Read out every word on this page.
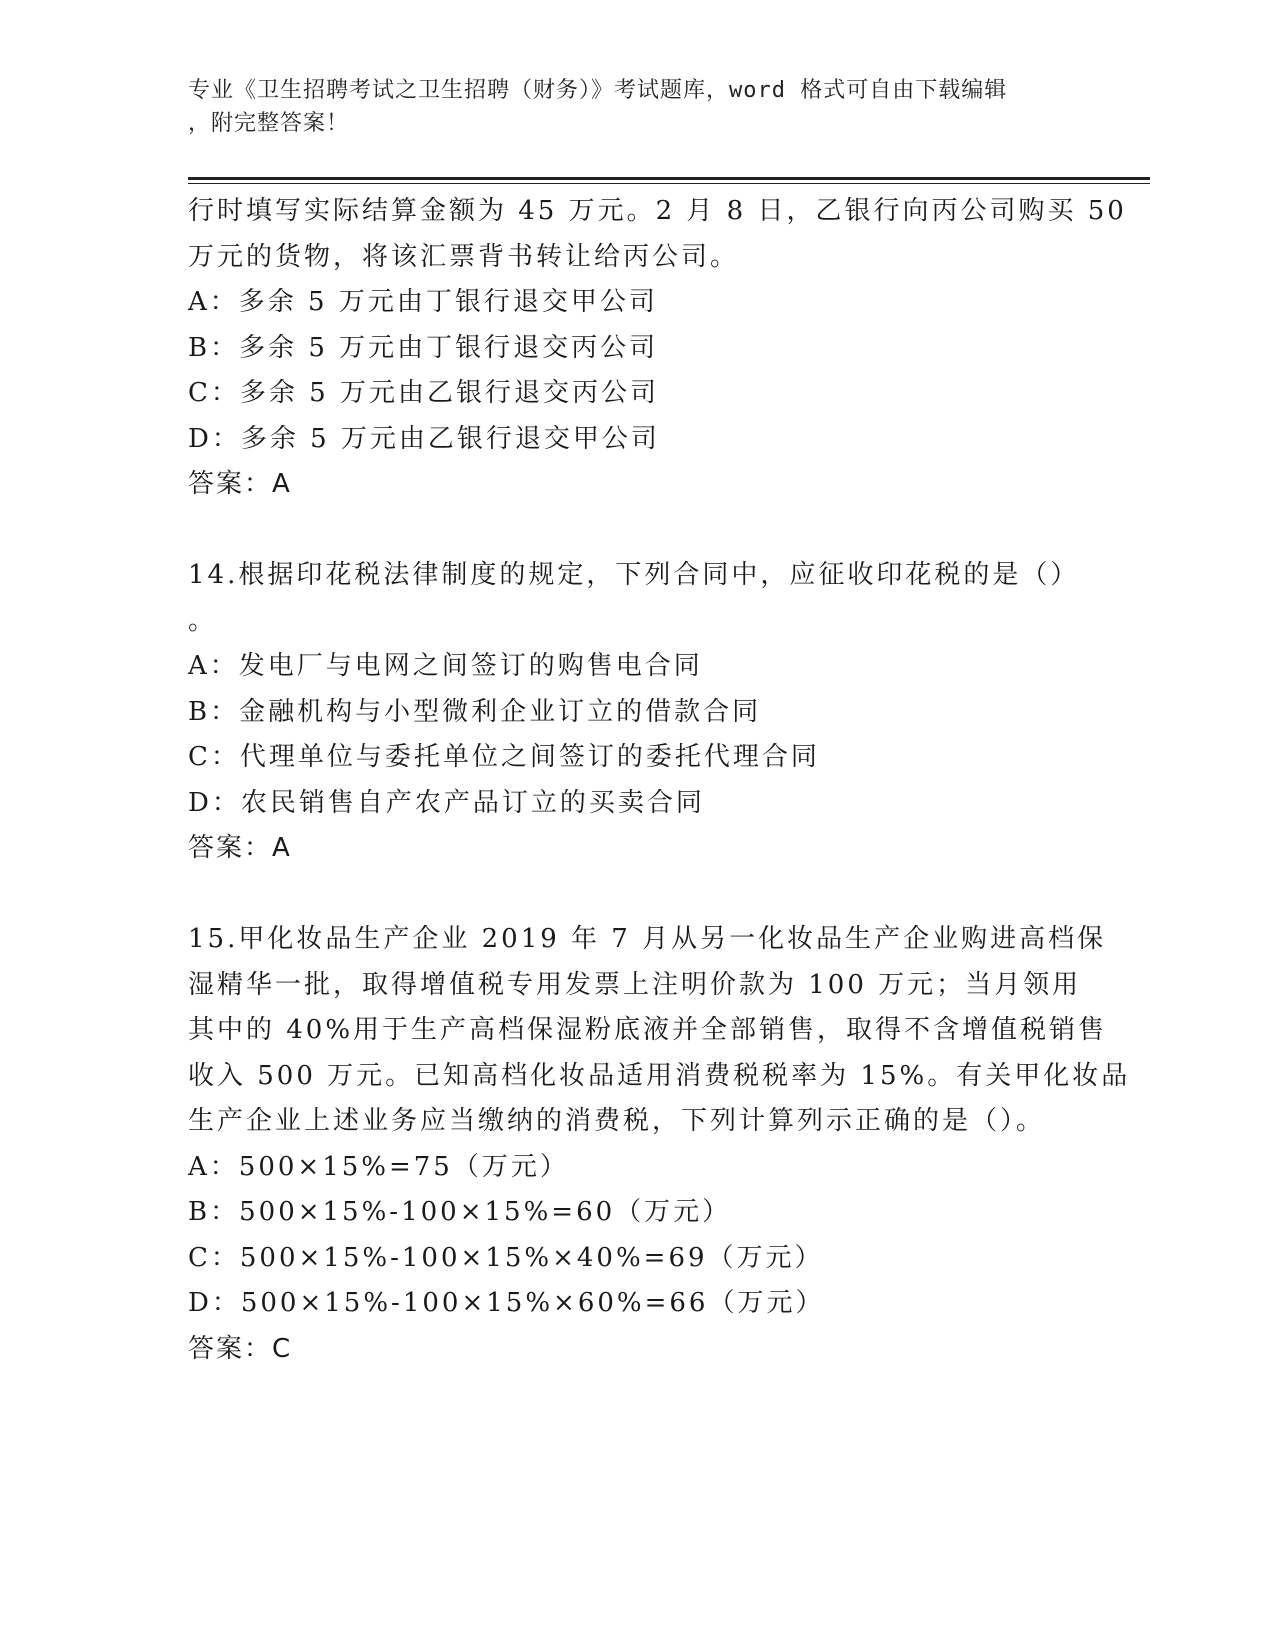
专业《卫生招聘考试之卫生招聘（财务）》考试题库，word 格式可自由下载编辑
，附完整答案！
行时填写实际结算金额为 45 万元。2 月 8 日，乙银行向丙公司购买 50
万元的货物，将该汇票背书转让给丙公司。
A：多余 5 万元由丁银行退交甲公司
B：多余 5 万元由丁银行退交丙公司
C：多余 5 万元由乙银行退交丙公司
D：多余 5 万元由乙银行退交甲公司
答案：A
14.根据印花税法律制度的规定，下列合同中，应征收印花税的是（）
。
A：发电厂与电网之间签订的购售电合同
B：金融机构与小型微利企业订立的借款合同
C：代理单位与委托单位之间签订的委托代理合同
D：农民销售自产农产品订立的买卖合同
答案：A
15.甲化妆品生产企业 2019 年 7 月从另一化妆品生产企业购进高档保
湿精华一批，取得增值税专用发票上注明价款为 100 万元；当月领用
其中的 40%用于生产高档保湿粉底液并全部销售，取得不含增值税销售
收入 500 万元。已知高档化妆品适用消费税税率为 15%。有关甲化妆品
生产企业上述业务应当缴纳的消费税，下列计算列示正确的是（）。
A：500×15%=75（万元）
B：500×15%-100×15%=60（万元）
C：500×15%-100×15%×40%=69（万元）
D：500×15%-100×15%×60%=66（万元）
答案：C
